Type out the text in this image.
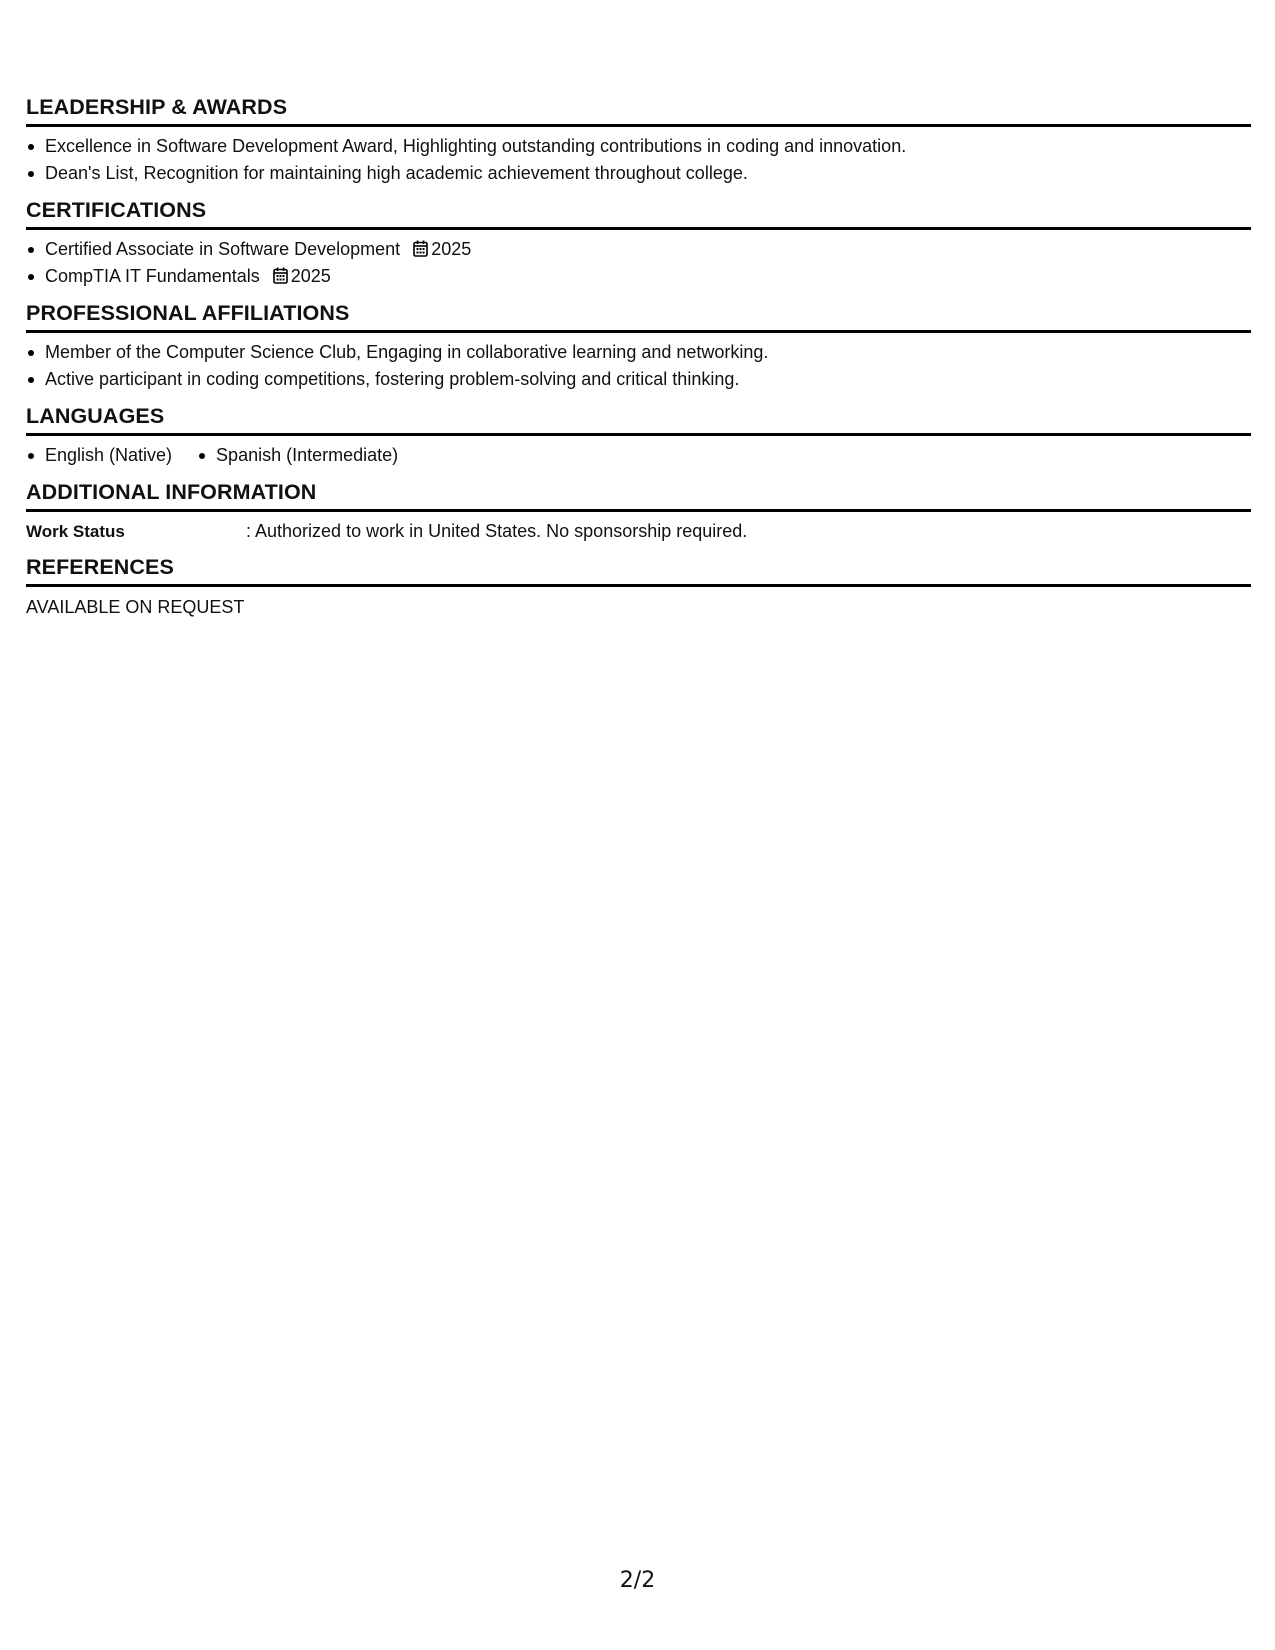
LEADERSHIP & AWARDS
Excellence in Software Development Award, Highlighting outstanding contributions in coding and innovation.
Dean's List, Recognition for maintaining high academic achievement throughout college.
CERTIFICATIONS
Certified Associate in Software Development 2025
CompTIA IT Fundamentals 2025
PROFESSIONAL AFFILIATIONS
Member of the Computer Science Club, Engaging in collaborative learning and networking.
Active participant in coding competitions, fostering problem-solving and critical thinking.
LANGUAGES
English (Native)	Spanish (Intermediate)
ADDITIONAL INFORMATION
Work Status	: Authorized to work in United States. No sponsorship required.
REFERENCES
AVAILABLE ON REQUEST
2/2
